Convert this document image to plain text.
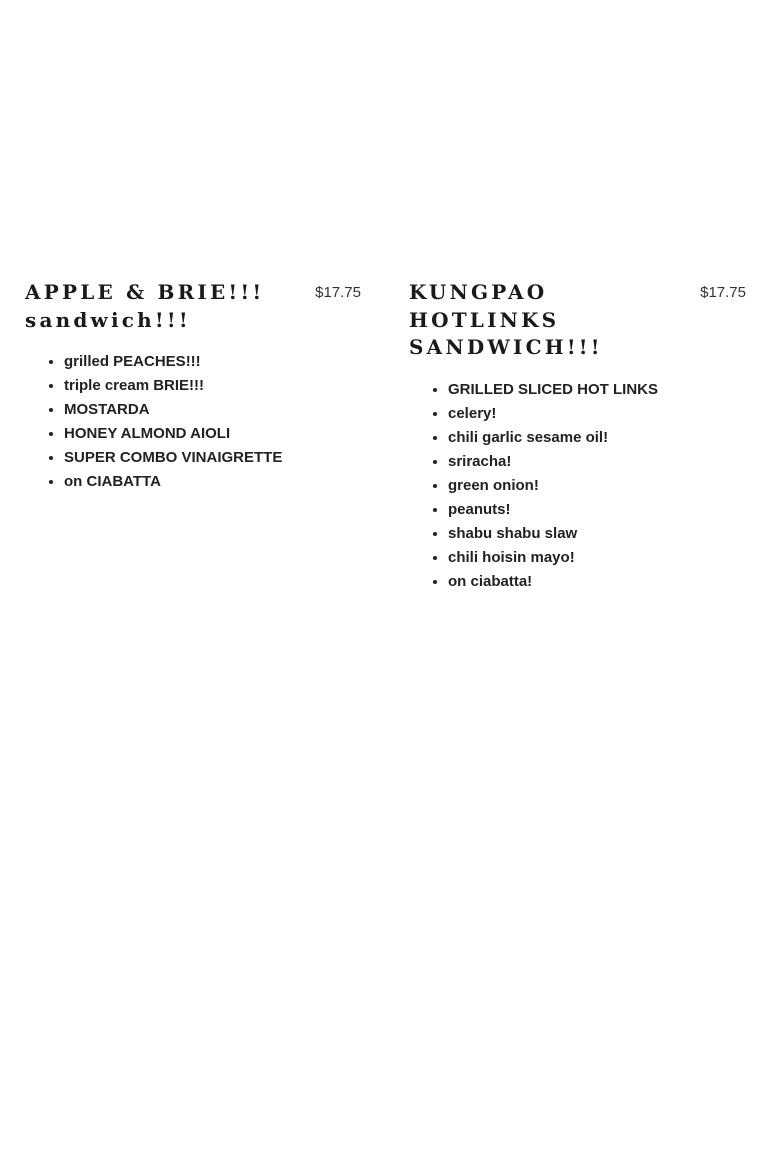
APPLE & BRIE!!!
sandwich!!!
$17.75
• grilled PEACHES!!!
• triple cream BRIE!!!
• MOSTARDA
• HONEY ALMOND AIOLI
• SUPER COMBO VINAIGRETTE
• on CIABATTA
KUNGPAO
HOTLINKS
SANDWICH!!!
$17.75
• GRILLED SLICED HOT LINKS
• celery!
• chili garlic sesame oil!
• sriracha!
• green onion!
• peanuts!
• shabu shabu slaw
• chili hoisin mayo!
• on ciabatta!
